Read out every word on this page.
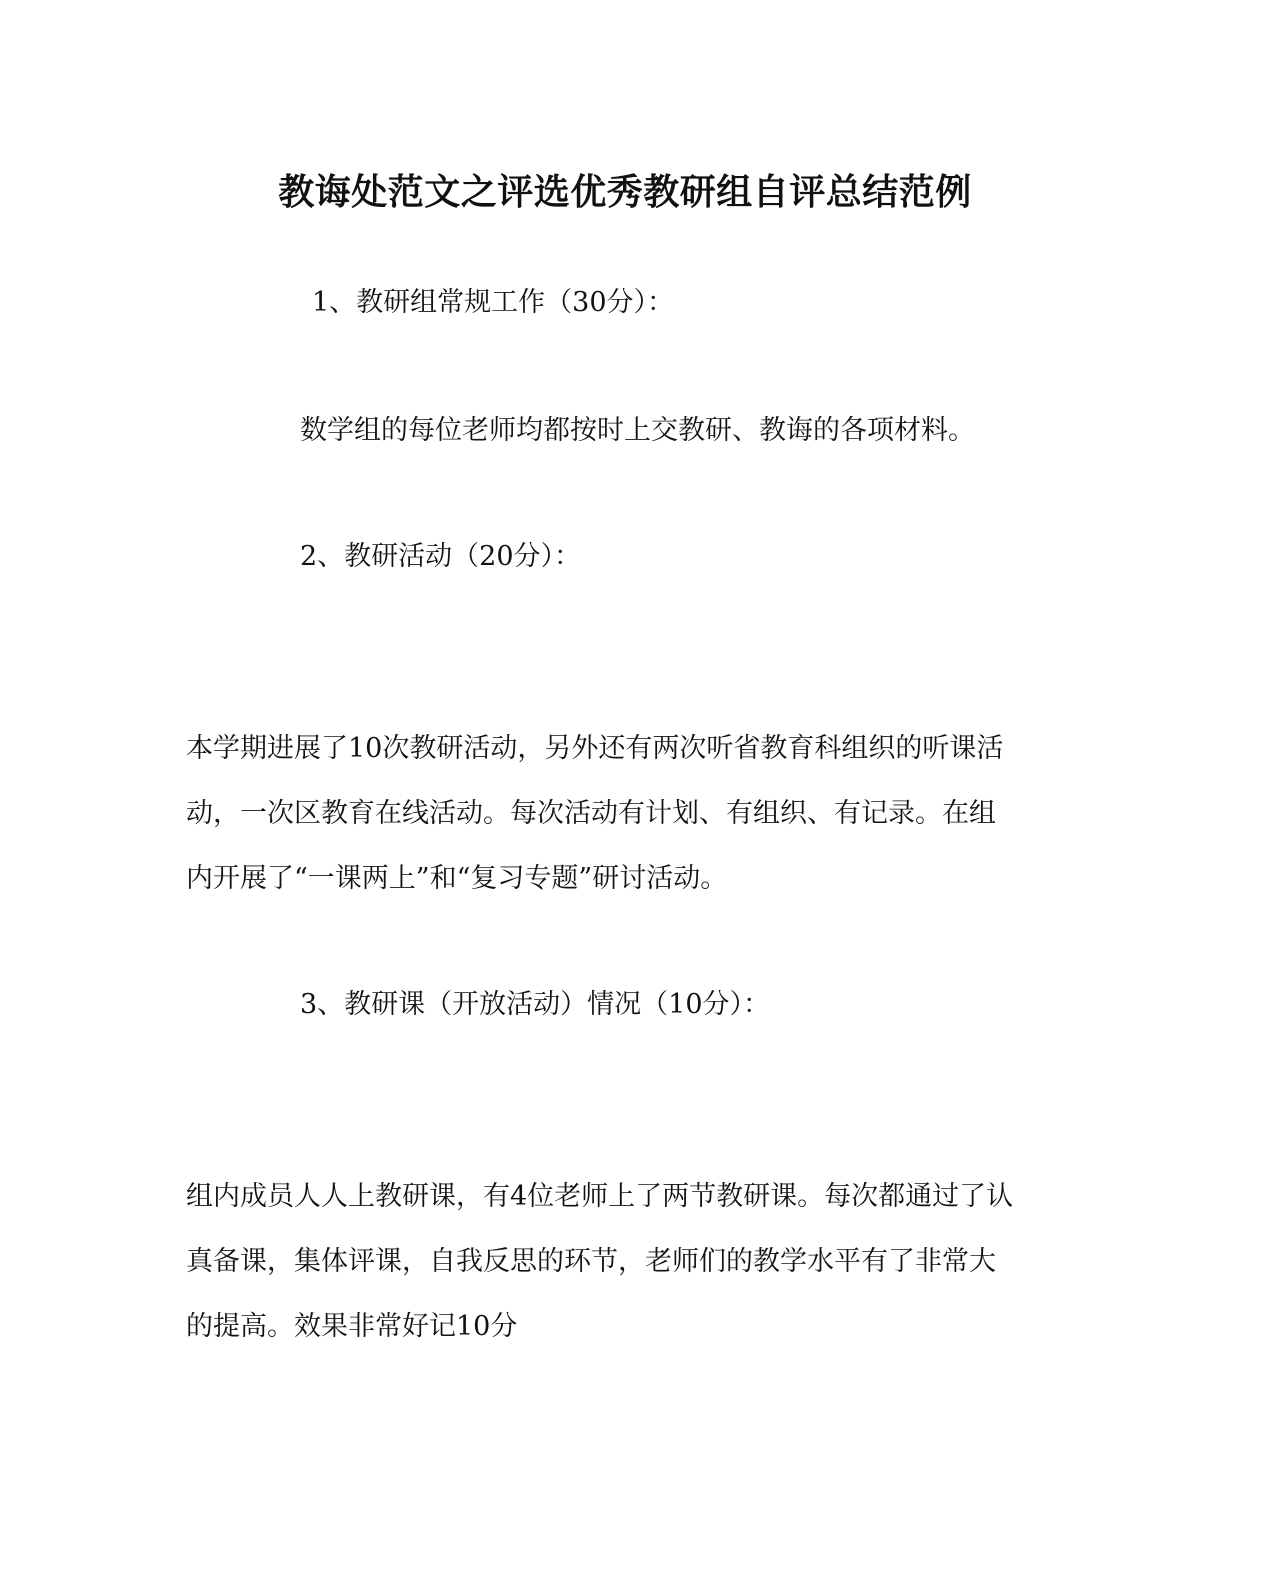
教诲处范文之评选优秀教研组自评总结范例
1、教研组常规工作（30分）：
数学组的每位老师均都按时上交教研、教诲的各项材料。
2、教研活动（20分）：
本学期进展了10次教研活动，另外还有两次听省教育科组织的听课活
动，一次区教育在线活动。每次活动有计划、有组织、有记录。在组
内开展了“一课两上”和“复习专题”研讨活动。
3、教研课（开放活动）情况（10分）：
组内成员人人上教研课，有4位老师上了两节教研课。每次都通过了认
真备课，集体评课，自我反思的环节，老师们的教学水平有了非常大
的提高。效果非常好记10分
